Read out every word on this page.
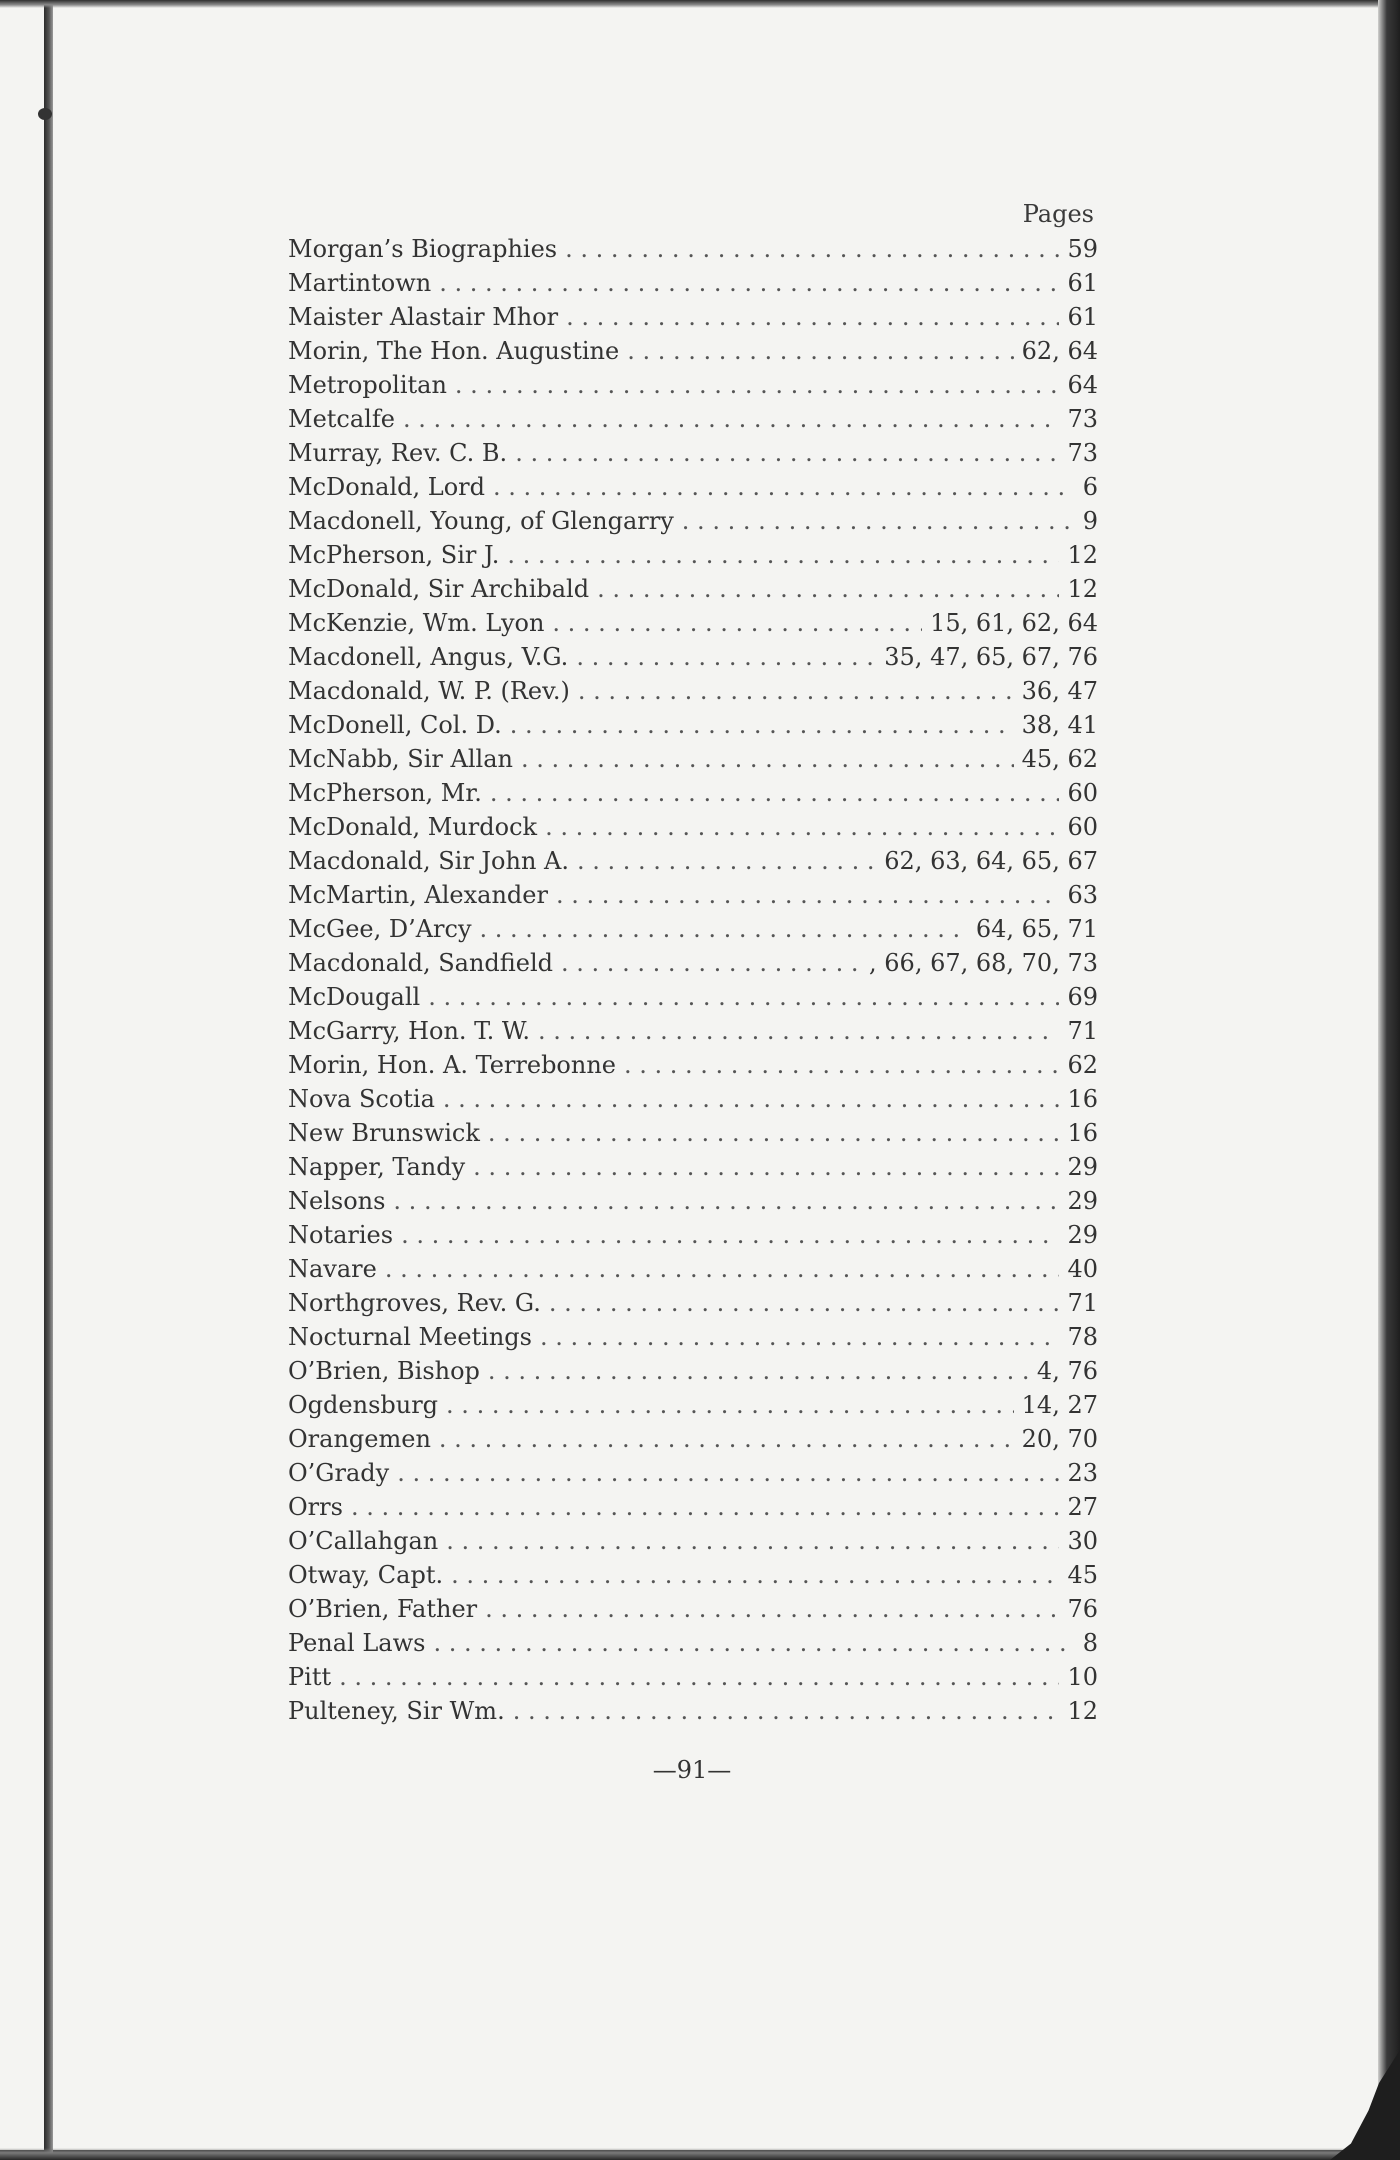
Pages
Morgan’s Biographies . . .	59
Martintown . . .	61
Maister Alastair Mhor . . .	61
Morin, The Hon. Augustine . . .	62, 64
Metropolitan . . .	64
Metcalfe . . .	73
Murray, Rev. C. B. . . .	73
McDonald, Lord . . .	6
Macdonell, Young, of Glengarry . . .	9
McPherson, Sir J. . . .	12
McDonald, Sir Archibald . . .	12
McKenzie, Wm. Lyon . . .	15, 61, 62, 64
Macdonell, Angus, V.G. . . .	35, 47, 65, 67, 76
Macdonald, W. P. (Rev.) . . .	36, 47
McDonell, Col. D. . . .	38, 41
McNabb, Sir Allan . . .	45, 62
McPherson, Mr. . . .	60
McDonald, Murdock . . .	60
Macdonald, Sir John A. . . .	62, 63, 64, 65, 67
McMartin, Alexander . . .	63
McGee, D’Arcy . . .	64, 65, 71
Macdonald, Sandfield . . .	, 66, 67, 68, 70, 73
McDougall . . .	69
McGarry, Hon. T. W. . . .	71
Morin, Hon. A. Terrebonne . . .	62
Nova Scotia . . .	16
New Brunswick . . .	16
Napper, Tandy . . .	29
Nelsons . . .	29
Notaries . . .	29
Navare . . .	40
Northgroves, Rev. G. . . .	71
Nocturnal Meetings . . .	78
O’Brien, Bishop . . .	4, 76
Ogdensburg . . .	14, 27
Orangemen . . .	20, 70
O’Grady . . .	23
Orrs . . .	27
O’Callahgan . . .	30
Otway, Capt. . . .	45
O’Brien, Father . . .	76
Penal Laws . . .	8
Pitt . . .	10
Pulteney, Sir Wm. . . .	12
—91—
